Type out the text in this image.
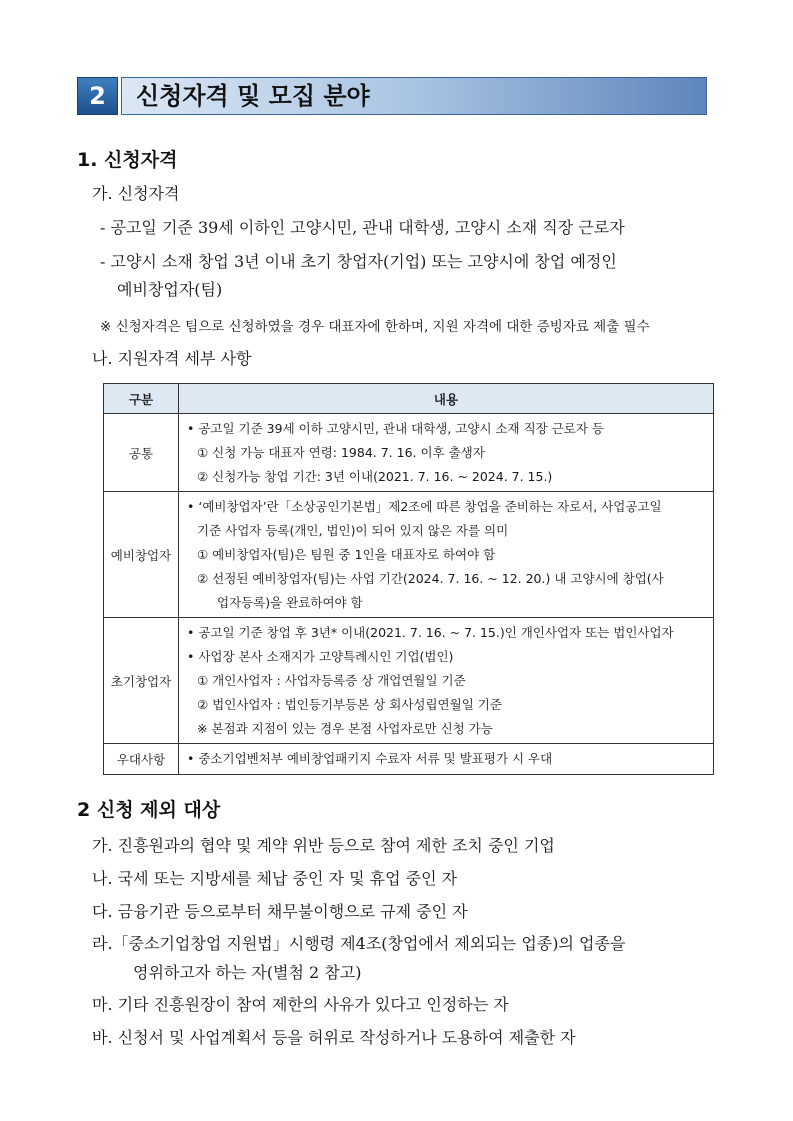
2	신청자격 및 모집 분야
1. 신청자격
가. 신청자격
- 공고일 기준 39세 이하인 고양시민, 관내 대학생, 고양시 소재 직장 근로자
- 고양시 소재 창업 3년 이내 초기 창업자(기업) 또는 고양시에 창업 예정인
예비창업자(팀)
※ 신청자격은 팀으로 신청하였을 경우 대표자에 한하며, 지원 자격에 대한 증빙자료 제출 필수
나. 지원자격 세부 사항
구분	내용
공통	• 공고일 기준 39세 이하 고양시민, 관내 대학생, 고양시 소재 직장 근로자 등
① 신청 가능 대표자 연령: 1984. 7. 16. 이후 출생자
② 신청가능 창업 기간: 3년 이내(2021. 7. 16. ~ 2024. 7. 15.)

예비창업자	• ‘예비창업자’란「소상공인기본법」제2조에 따른 창업을 준비하는 자로서, 사업공고일
기준 사업자 등록(개인, 법인)이 되어 있지 않은 자를 의미
① 예비창업자(팀)은 팀원 중 1인을 대표자로 하여야 함
② 선정된 예비창업자(팀)는 사업 기간(2024. 7. 16. ~ 12. 20.) 내 고양시에 창업(사
업자등록)을 완료하여야 함

초기창업자	• 공고일 기준 창업 후 3년* 이내(2021. 7. 16. ~ 7. 15.)인 개인사업자 또는 법인사업자
• 사업장 본사 소재지가 고양특례시인 기업(법인)
① 개인사업자 : 사업자등록증 상 개업연월일 기준
② 법인사업자 : 법인등기부등본 상 회사성립연월일 기준
※ 본점과 지점이 있는 경우 본점 사업자로만 신청 가능

우대사항	• 중소기업벤처부 예비창업패키지 수료자 서류 및 발표평가 시 우대
2 신청 제외 대상
가. 진흥원과의 협약 및 계약 위반 등으로 참여 제한 조치 중인 기업
나. 국세 또는 지방세를 체납 중인 자 및 휴업 중인 자
다. 금융기관 등으로부터 채무불이행으로 규제 중인 자
라.「중소기업창업 지원법」시행령 제4조(창업에서 제외되는 업종)의 업종을
영위하고자 하는 자(별첨 2 참고)
마. 기타 진흥원장이 참여 제한의 사유가 있다고 인정하는 자
바. 신청서 및 사업계획서 등을 허위로 작성하거나 도용하여 제출한 자
